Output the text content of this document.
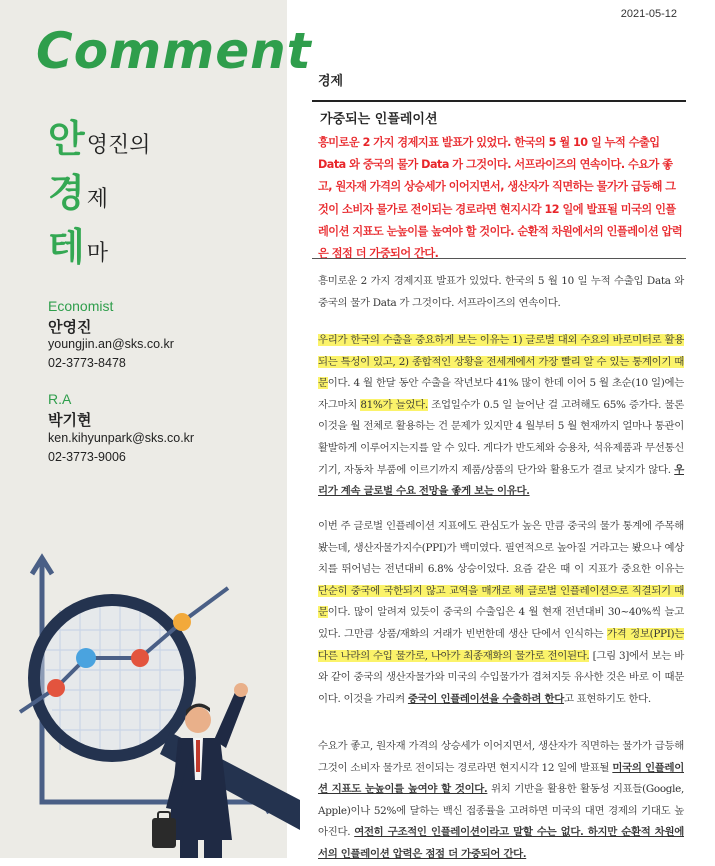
Comment
안영진의
경제
테마
Economist
안영진
youngjin.an@sks.co.kr
02-3773-8478
R.A
박기현
ken.kihyunpark@sks.co.kr
02-3773-9006
2021-05-12
경제
가중되는 인플레이션
흥미로운 2 가지 경제지표 발표가 있었다. 한국의 5 월 10 일 누적 수출입 Data 와 중국의 물가 Data 가 그것이다. 서프라이즈의 연속이다. 수요가 좋고, 원자재 가격의 상승세가 이어지면서, 생산자가 직면하는 물가가 급등해 그것이 소비자 물가로 전이되는 경로라면 현지시각 12 일에 발표될 미국의 인플레이션 지표도 눈높이를 높여야 할 것이다. 순환적 차원에서의 인플레이션 압력은 점점 더 가중되어 간다.
흥미로운 2 가지 경제지표 발표가 있었다. 한국의 5 월 10 일 누적 수출입 Data 와 중국의 물가 Data 가 그것이다. 서프라이즈의 연속이다.
우리가 한국의 수출을 중요하게 보는 이유는 1) 글로벌 대외 수요의 바로미터로 활용되는 특성이 있고, 2) 종합적인 상황을 전세계에서 가장 빨리 알 수 있는 통계이기 때문이다. 4 월 한달 동안 수출을 작년보다 41% 많이 한데 이어 5 월 초순(10 일)에는 자그마치 81%가 늘었다. 조업일수가 0.5 일 늘어난 걸 고려해도 65% 증가다. 물론 이것을 월 전체로 활용하는 건 문제가 있지만 4 월부터 5 월 현재까지 얼마나 통관이 활발하게 이루어지는지를 알 수 있다. 게다가 반도체와 승용차, 석유제품과 무선통신기기, 자동차 부품에 이르기까지 제품/상품의 단가와 활용도가 결코 낮지가 않다. 우리가 계속 글로벌 수요 전망을 좋게 보는 이유다.
이번 주 글로벌 인플레이션 지표에도 관심도가 높은 만큼 중국의 물가 통계에 주목해 봤는데, 생산자물가지수(PPI)가 백미였다. 필연적으로 높아질 거라고는 봤으나 예상치를 뛰어넘는 전년대비 6.8% 상승이었다. 요즘 같은 때 이 지표가 중요한 이유는 단순히 중국에 국한되지 않고 교역을 매개로 해 글로벌 인플레이션으로 직결되기 때문이다. 많이 알려져 있듯이 중국의 수출입은 4 월 현재 전년대비 30~40%씩 늘고 있다. 그만큼 상품/재화의 거래가 빈번한데 생산 단에서 인식하는 가격 정보(PPI)는 다른 나라의 수입 물가로, 나아가 최종재화의 물가로 전이된다. [그림 3]에서 보는 바와 같이 중국의 생산자물가와 미국의 수입물가가 겹쳐지듯 유사한 것은 바로 이 때문이다. 이것을 가리켜 중국이 인플레이션을 수출하려 한다고 표현하기도 한다.
수요가 좋고, 원자재 가격의 상승세가 이어지면서, 생산자가 직면하는 물가가 급등해 그것이 소비자 물가로 전이되는 경로라면 현지시각 12 일에 발표될 미국의 인플레이션 지표도 눈높이를 높여야 할 것이다. 위치 기반을 활용한 활동성 지표들(Google, Apple)이나 52%에 달하는 백신 접종률을 고려하면 미국의 대면 경제의 기대도 높아진다. 여전히 구조적인 인플레이션이라고 말할 수는 없다. 하지만 순환적 차원에서의 인플레이션 압력은 점점 더 가중되어 간다.
